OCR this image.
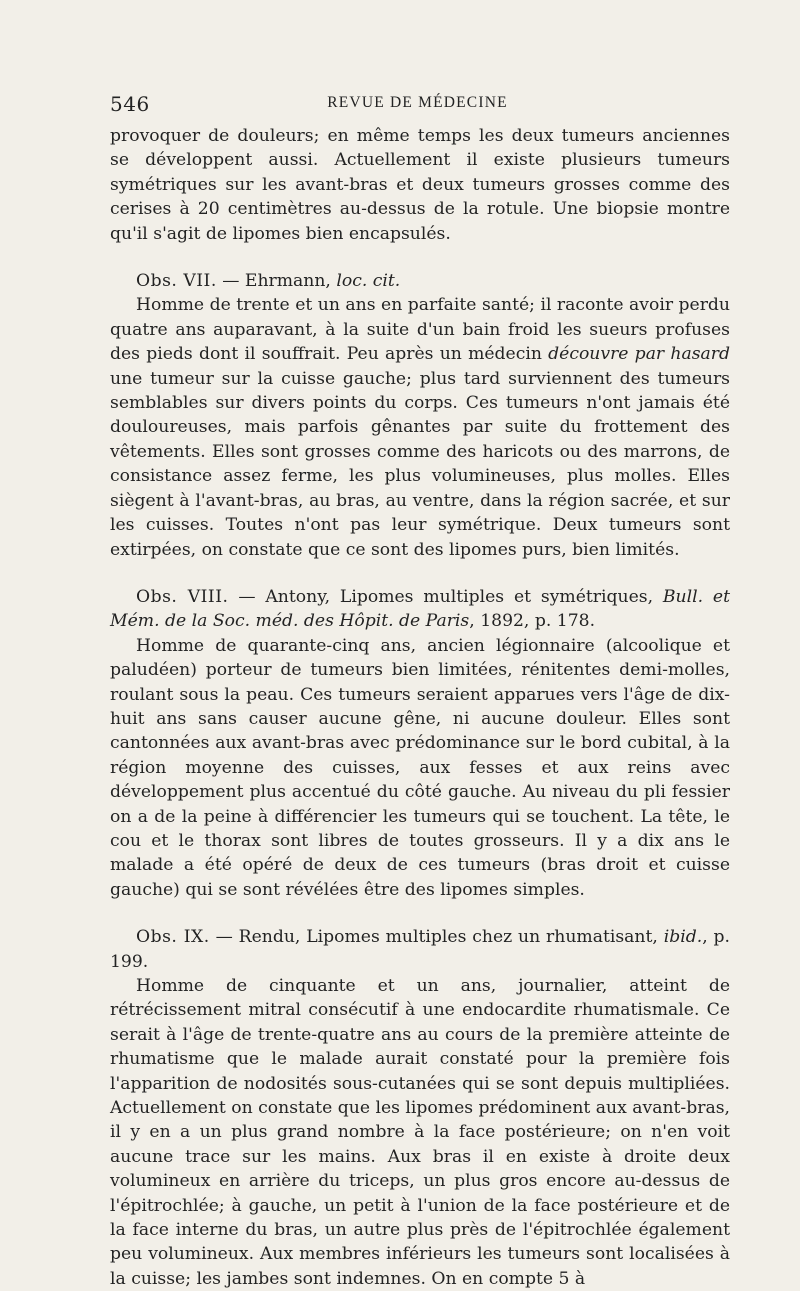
546	REVUE DE MÉDECINE

provoquer de douleurs; en même temps les deux tumeurs anciennes se développent aussi. Actuellement il existe plusieurs tumeurs symétriques sur les avant-bras et deux tumeurs grosses comme des cerises à 20 centimètres au-dessus de la rotule. Une biopsie montre qu'il s'agit de lipomes bien encapsulés.

Obs. VII. — Ehrmann, loc. cit.

Homme de trente et un ans en parfaite santé; il raconte avoir perdu quatre ans auparavant, à la suite d'un bain froid les sueurs profuses des pieds dont il souffrait. Peu après un médecin découvre par hasard une tumeur sur la cuisse gauche; plus tard surviennent des tumeurs semblables sur divers points du corps. Ces tumeurs n'ont jamais été douloureuses, mais parfois gênantes par suite du frottement des vêtements. Elles sont grosses comme des haricots ou des marrons, de consistance assez ferme, les plus volumineuses, plus molles. Elles siègent à l'avant-bras, au bras, au ventre, dans la région sacrée, et sur les cuisses. Toutes n'ont pas leur symétrique. Deux tumeurs sont extirpées, on constate que ce sont des lipomes purs, bien limités.

Obs. VIII. — Antony, Lipomes multiples et symétriques, Bull. et Mém. de la Soc. méd. des Hôpit. de Paris, 1892, p. 178.

Homme de quarante-cinq ans, ancien légionnaire (alcoolique et paludéen) porteur de tumeurs bien limitées, rénitentes demi-molles, roulant sous la peau. Ces tumeurs seraient apparues vers l'âge de dix-huit ans sans causer aucune gêne, ni aucune douleur. Elles sont cantonnées aux avant-bras avec prédominance sur le bord cubital, à la région moyenne des cuisses, aux fesses et aux reins avec développement plus accentué du côté gauche. Au niveau du pli fessier on a de la peine à différencier les tumeurs qui se touchent. La tête, le cou et le thorax sont libres de toutes grosseurs. Il y a dix ans le malade a été opéré de deux de ces tumeurs (bras droit et cuisse gauche) qui se sont révélées être des lipomes simples.

Obs. IX. — Rendu, Lipomes multiples chez un rhumatisant, ibid., p. 199.

Homme de cinquante et un ans, journalier, atteint de rétrécissement mitral consécutif à une endocardite rhumatismale. Ce serait à l'âge de trente-quatre ans au cours de la première atteinte de rhumatisme que le malade aurait constaté pour la première fois l'apparition de nodosités sous-cutanées qui se sont depuis multipliées. Actuellement on constate que les lipomes prédominent aux avant-bras, il y en a un plus grand nombre à la face postérieure; on n'en voit aucune trace sur les mains. Aux bras il en existe à droite deux volumineux en arrière du triceps, un plus gros encore au-dessus de l'épitrochlée; à gauche, un petit à l'union de la face postérieure et de la face interne du bras, un autre plus près de l'épitrochlée également peu volumineux. Aux membres inférieurs les tumeurs sont localisées à la cuisse; les jambes sont indemnes. On en compte 5 à
